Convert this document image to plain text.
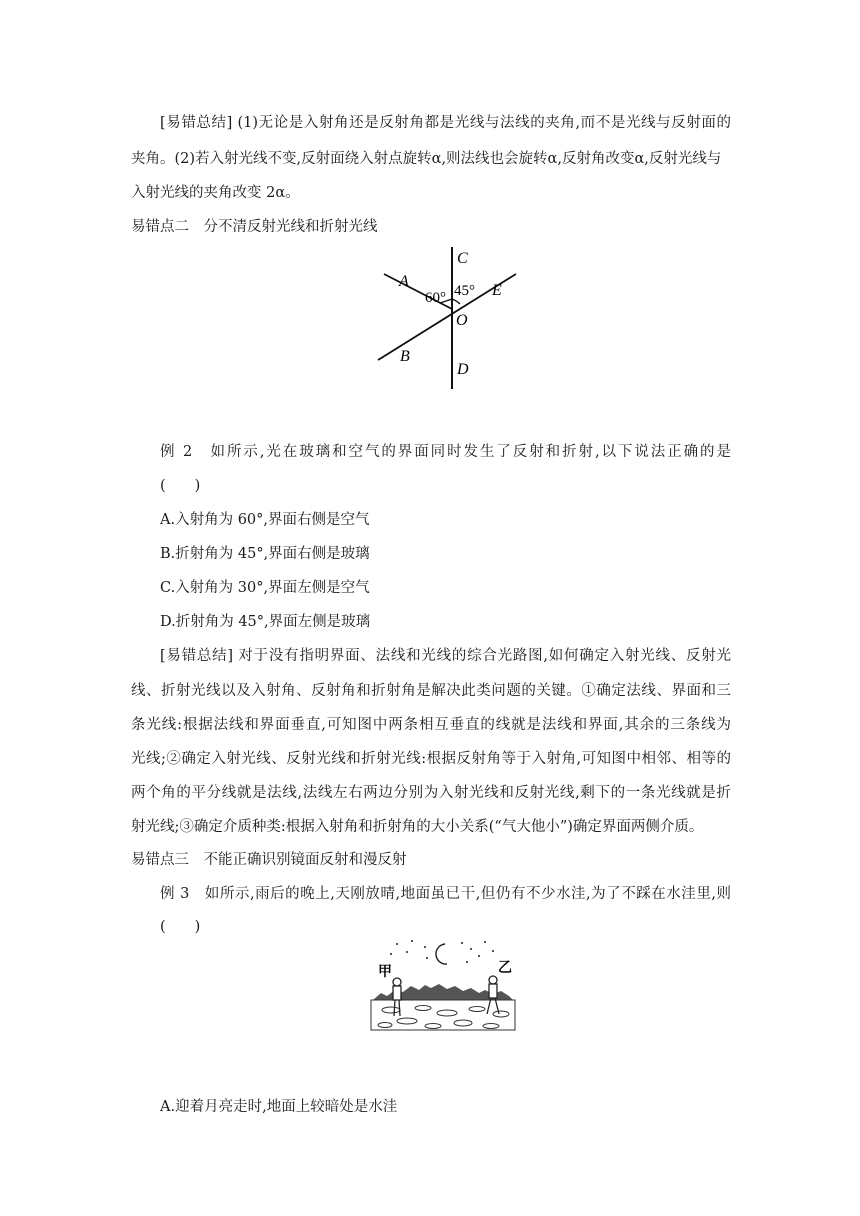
[易错总结] (1)无论是入射角还是反射角都是光线与法线的夹角,而不是光线与反射面的
夹角。(2)若入射光线不变,反射面绕入射点旋转α,则法线也会旋转α,反射角改变α,反射光线与
入射光线的夹角改变 2α。
易错点二　分不清反射光线和折射光线
A
B
C
D
E
O
60° 45°
例 2　如所示,光在玻璃和空气的界面同时发生了反射和折射,以下说法正确的是
(　　)
A.入射角为 60°,界面右侧是空气
B.折射角为 45°,界面右侧是玻璃
C.入射角为 30°,界面左侧是空气
D.折射角为 45°,界面左侧是玻璃
[易错总结] 对于没有指明界面、法线和光线的综合光路图,如何确定入射光线、反射光
线、折射光线以及入射角、反射角和折射角是解决此类问题的关键。①确定法线、界面和三
条光线:根据法线和界面垂直,可知图中两条相互垂直的线就是法线和界面,其余的三条线为
光线;②确定入射光线、反射光线和折射光线:根据反射角等于入射角,可知图中相邻、相等的
两个角的平分线就是法线,法线左右两边分别为入射光线和反射光线,剩下的一条光线就是折
射光线;③确定介质种类:根据入射角和折射角的大小关系(“气大他小”)确定界面两侧介质。
易错点三　不能正确识别镜面反射和漫反射
例 3　如所示,雨后的晚上,天刚放晴,地面虽已干,但仍有不少水洼,为了不踩在水洼里,则
(　　)
甲	乙
A.迎着月亮走时,地面上较暗处是水洼
